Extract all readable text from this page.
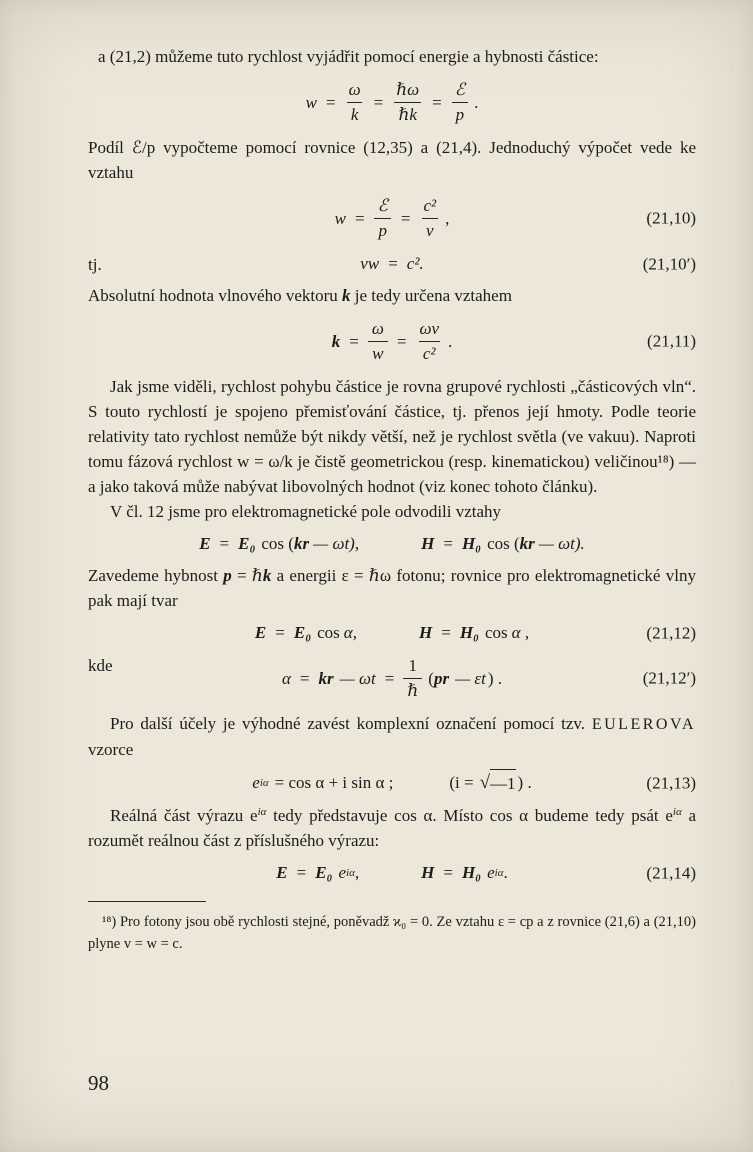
a (21,2) můžeme tuto rychlost vyjádřit pomocí energie a hybnosti částice:

$w = \frac{\omega}{k} = \frac{\text{ℏω}}{\text{ℏk}} = \frac{\text{ℰ}}{p}$ .

Podíl ℰ/p vypočteme pomocí rovnice (12,35) a (21,4). Jednoduchý výpočet vede ke vztahu

$w = \frac{\text{ℰ}}{p} = \frac{\text{c²}}{v}$ ,	(21,10)
tj.	vw = c².	(21,10′)

Absolutní hodnota vlnového vektoru k je tedy určena vztahem

$k = \frac{\omega}{w} = \frac{\omega v}{\text{c²}}$ .	(21,11)

Jak jsme viděli, rychlost pohybu částice je rovna grupové rychlosti „částicových vln“. S touto rychlostí je spojeno přemisťování částice, tj. přenos její hmoty. Podle teorie relativity tato rychlost nemůže být nikdy větší, než je rychlost světla (ve vakuu). Naproti tomu fázová rychlost w = ω/k je čistě geometrickou (resp. kinematickou) veličinou¹⁸) — a jako taková může nabývat libovolných hodnot (viz konec tohoto článku).

V čl. 12 jsme pro elektromagnetické pole odvodili vztahy

E = E₀ cos ( kr — ωt),	H = H₀ cos ( kr — ωt).

Zavedeme hybnost p = ℏk a energii ε = ℏω fotonu; rovnice pro elektromagnetické vlny pak mají tvar

E = E₀ cos α,	H = H₀ cos α ,	(21,12)
kde
α = kr — $\omega t = \frac{1}{\text{ℏ}}$ ( pr — εt ) .	(21,12′)

Pro další účely je výhodné zavést komplexní označení pomocí tzv. EULEROVA vzorce

e iα = cos α + i sin α ;	(i = √ —1 ) .	(21,13)

Reálná část výrazu $e^{i\alpha}$ tedy představuje cos α. Místo cos α budeme tedy psát $e^{i\alpha}$ a rozumět reálnou část z příslušného výrazu:

E = E₀ e iα ,	H = H₀ e iα .	(21,14)

¹⁸) Pro fotony jsou obě rychlosti stejné, poněvadž ϰ₀ = 0. Ze vztahu ε = cp a z rovnice (21,6) a (21,10) plyne v = w = c.

98
